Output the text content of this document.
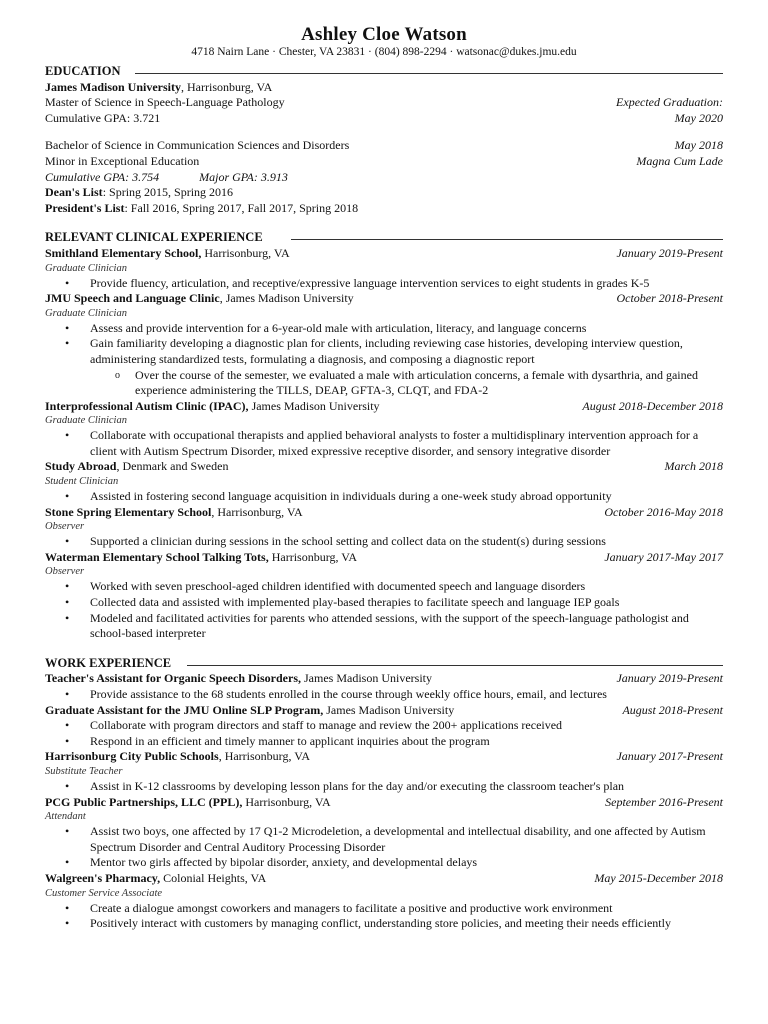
Ashley Cloe Watson
4718 Nairn Lane · Chester, VA 23831 · (804) 898-2294 · watsonac@dukes.jmu.edu
EDUCATION
James Madison University, Harrisonburg, VA
Master of Science in Speech-Language Pathology	Expected Graduation:
Cumulative GPA: 3.721	May 2020
Bachelor of Science in Communication Sciences and Disorders	May 2018
Minor in Exceptional Education	Magna Cum Lade
Cumulative GPA: 3.754	Major GPA: 3.913
Dean's List: Spring 2015, Spring 2016
President's List: Fall 2016, Spring 2017, Fall 2017, Spring 2018
RELEVANT CLINICAL EXPERIENCE
Smithland Elementary School, Harrisonburg, VA	January 2019-Present
Graduate Clinician
• Provide fluency, articulation, and receptive/expressive language intervention services to eight students in grades K-5
JMU Speech and Language Clinic, James Madison University	October 2018-Present
Graduate Clinician
• Assess and provide intervention for a 6-year-old male with articulation, literacy, and language concerns
• Gain familiarity developing a diagnostic plan for clients, including reviewing case histories, developing interview question, administering standardized tests, formulating a diagnosis, and composing a diagnostic report
o Over the course of the semester, we evaluated a male with articulation concerns, a female with dysarthria, and gained experience administering the TILLS, DEAP, GFTA-3, CLQT, and FDA-2
Interprofessional Autism Clinic (IPAC), James Madison University	August 2018-December 2018
Graduate Clinician
• Collaborate with occupational therapists and applied behavioral analysts to foster a multidisplinary intervention approach for a client with Autism Spectrum Disorder, mixed expressive receptive disorder, and sensory integrative disorder
Study Abroad, Denmark and Sweden	March 2018
Student Clinician
• Assisted in fostering second language acquisition in individuals during a one-week study abroad opportunity
Stone Spring Elementary School, Harrisonburg, VA	October 2016-May 2018
Observer
• Supported a clinician during sessions in the school setting and collect data on the student(s) during sessions
Waterman Elementary School Talking Tots, Harrisonburg, VA	January 2017-May 2017
Observer
• Worked with seven preschool-aged children identified with documented speech and language disorders
• Collected data and assisted with implemented play-based therapies to facilitate speech and language IEP goals
• Modeled and facilitated activities for parents who attended sessions, with the support of the speech-language pathologist and school-based interpreter
WORK EXPERIENCE
Teacher's Assistant for Organic Speech Disorders, James Madison University	January 2019-Present
• Provide assistance to the 68 students enrolled in the course through weekly office hours, email, and lectures
Graduate Assistant for the JMU Online SLP Program, James Madison University	August 2018-Present
• Collaborate with program directors and staff to manage and review the 200+ applications received
• Respond in an efficient and timely manner to applicant inquiries about the program
Harrisonburg City Public Schools, Harrisonburg, VA	January 2017-Present
Substitute Teacher
• Assist in K-12 classrooms by developing lesson plans for the day and/or executing the classroom teacher's plan
PCG Public Partnerships, LLC (PPL), Harrisonburg, VA	September 2016-Present
Attendant
• Assist two boys, one affected by 17 Q1-2 Microdeletion, a developmental and intellectual disability, and one affected by Autism Spectrum Disorder and Central Auditory Processing Disorder
• Mentor two girls affected by bipolar disorder, anxiety, and developmental delays
Walgreen's Pharmacy, Colonial Heights, VA	May 2015-December 2018
Customer Service Associate
• Create a dialogue amongst coworkers and managers to facilitate a positive and productive work environment
• Positively interact with customers by managing conflict, understanding store policies, and meeting their needs efficiently
